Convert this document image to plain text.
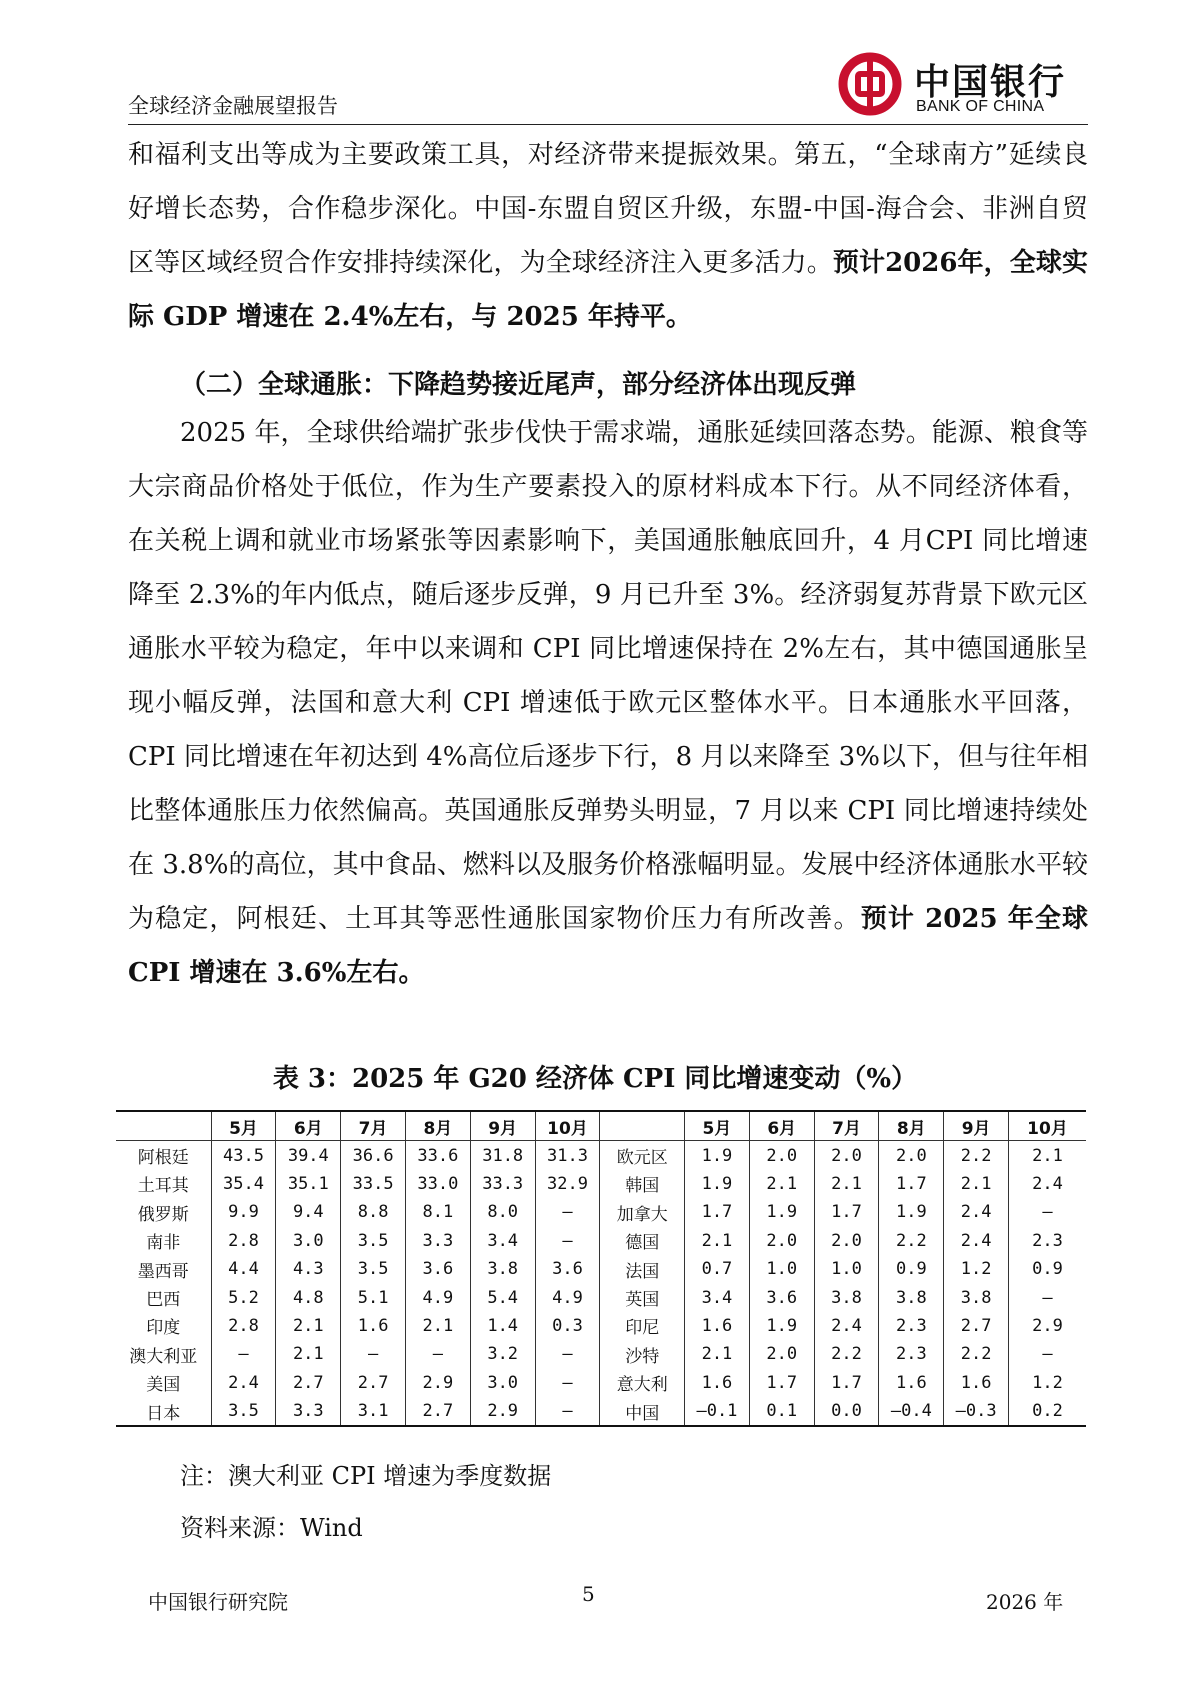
全球经济金融展望报告
中国银行
BANK OF CHINA
和福利支出等成为主要政策工具，对经济带来提振效果。第五，“全球南方”延续良好增长态势，合作稳步深化。中国-东盟自贸区升级，东盟-中国-海合会、非洲自贸区等区域经贸合作安排持续深化，为全球经济注入更多活力。预计2026年，全球实际 GDP 增速在 2.4%左右，与 2025 年持平。
（二）全球通胀：下降趋势接近尾声，部分经济体出现反弹
2025 年，全球供给端扩张步伐快于需求端，通胀延续回落态势。能源、粮食等大宗商品价格处于低位，作为生产要素投入的原材料成本下行。从不同经济体看，在关税上调和就业市场紧张等因素影响下，美国通胀触底回升，4 月CPI 同比增速降至 2.3%的年内低点，随后逐步反弹，9 月已升至 3%。经济弱复苏背景下欧元区通胀水平较为稳定，年中以来调和 CPI 同比增速保持在 2%左右，其中德国通胀呈现小幅反弹，法国和意大利 CPI 增速低于欧元区整体水平。日本通胀水平回落，CPI 同比增速在年初达到 4%高位后逐步下行，8 月以来降至 3%以下，但与往年相比整体通胀压力依然偏高。英国通胀反弹势头明显，7 月以来 CPI 同比增速持续处在 3.8%的高位，其中食品、燃料以及服务价格涨幅明显。发展中经济体通胀水平较为稳定，阿根廷、土耳其等恶性通胀国家物价压力有所改善。预计 2025 年全球 CPI 增速在 3.6%左右。
表 3：2025 年 G20 经济体 CPI 同比增速变动（%）
	5月	6月	7月	8月	9月	10月		5月	6月	7月	8月	9月	10月
阿根廷	43.5	39.4	36.6	33.6	31.8	31.3	欧元区	1.9	2.0	2.0	2.0	2.2	2.1
土耳其	35.4	35.1	33.5	33.0	33.3	32.9	韩国	1.9	2.1	2.1	1.7	2.1	2.4
俄罗斯	9.9	9.4	8.8	8.1	8.0	–	加拿大	1.7	1.9	1.7	1.9	2.4	–
南非	2.8	3.0	3.5	3.3	3.4	–	德国	2.1	2.0	2.0	2.2	2.4	2.3
墨西哥	4.4	4.3	3.5	3.6	3.8	3.6	法国	0.7	1.0	1.0	0.9	1.2	0.9
巴西	5.2	4.8	5.1	4.9	5.4	4.9	英国	3.4	3.6	3.8	3.8	3.8	–
印度	2.8	2.1	1.6	2.1	1.4	0.3	印尼	1.6	1.9	2.4	2.3	2.7	2.9
澳大利亚	–	2.1	–	–	3.2	–	沙特	2.1	2.0	2.2	2.3	2.2	–
美国	2.4	2.7	2.7	2.9	3.0	–	意大利	1.6	1.7	1.7	1.6	1.6	1.2
日本	3.5	3.3	3.1	2.7	2.9	–	中国	–0.1	0.1	0.0	–0.4	–0.3	0.2
注：澳大利亚 CPI 增速为季度数据
资料来源：Wind
中国银行研究院	5	2026 年
